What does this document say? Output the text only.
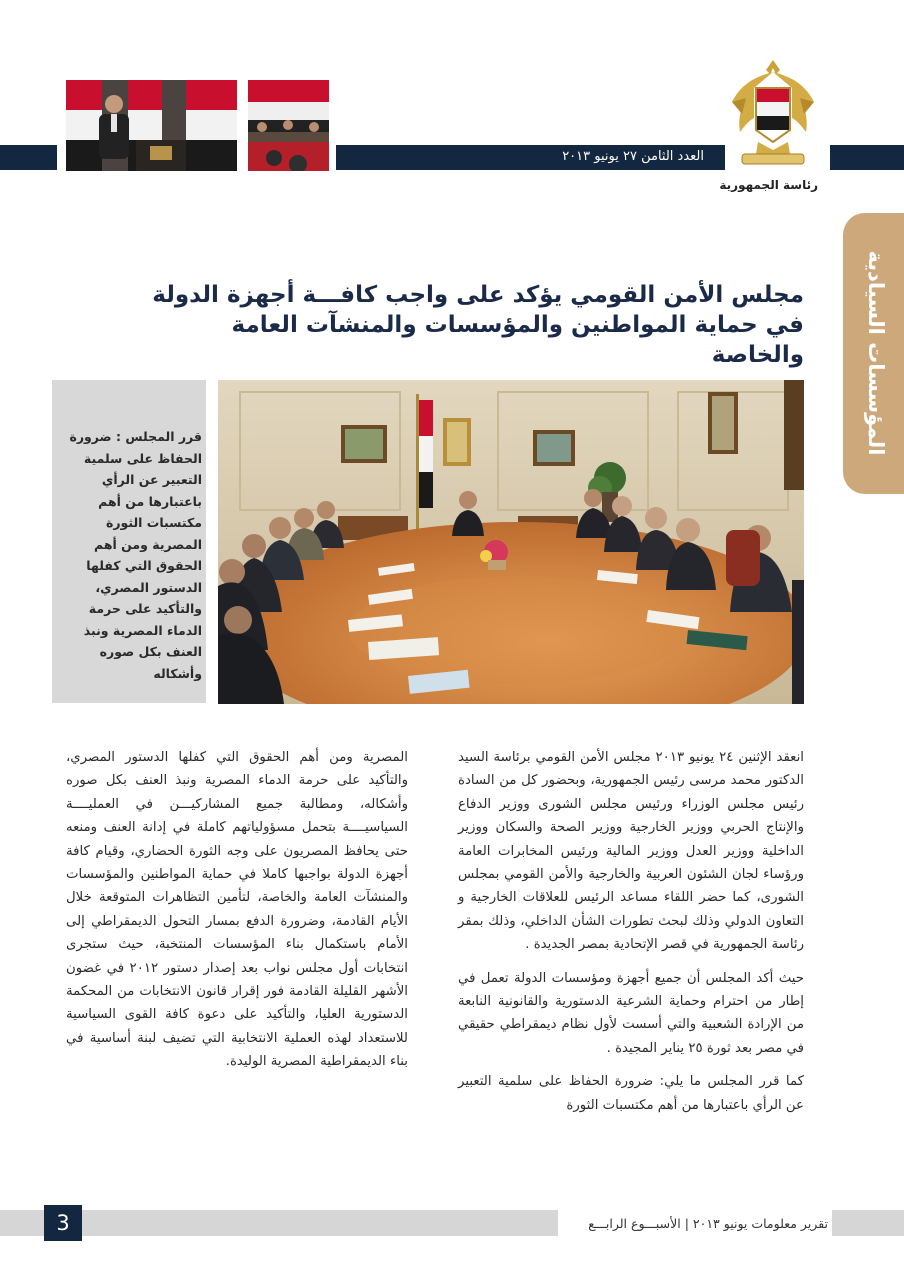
العدد الثامن ٢٧ يونيو ٢٠١٣
رئاسة الجمهورية
المؤسسات السيادية
مجلس الأمن القومي يؤكد على واجب كافـــة أجهزة الدولة
في حماية المواطنين والمؤسسات والمنشآت العامة والخاصة
قرر المجلس : ضرورة الحفاظ على سلمية التعبير عن الرأي باعتبارها من أهم مكتسبات الثورة المصرية ومن أهم الحقوق التي كفلها الدستور المصري، والتأكيد على حرمة الدماء المصرية ونبذ العنف بكل صوره وأشكاله

انعقد الإثنين ٢٤ يونيو ٢٠١٣ مجلس الأمن القومي برئاسة السيد الدكتور محمد مرسى رئيس الجمهورية، وبحضور كل من السادة رئيس مجلس الوزراء ورئيس مجلس الشورى ووزير الدفاع والإنتاج الحربي ووزير الخارجية ووزير الصحة والسكان ووزير الداخلية ووزير العدل ووزير المالية ورئيس المخابرات العامة ورؤساء لجان الشئون العربية والخارجية والأمن القومي بمجلس الشورى، كما حضر اللقاء مساعد الرئيس للعلاقات الخارجية و التعاون الدولي وذلك لبحث تطورات الشأن الداخلي، وذلك بمقر رئاسة الجمهورية في قصر الإتحادية بمصر الجديدة .

حيث أكد المجلس أن جميع أجهزة ومؤسسات الدولة تعمل في إطار من احترام وحماية الشرعية الدستورية والقانونية النابعة من الإرادة الشعبية والتي أسست لأول نظام ديمقراطي حقيقي في مصر بعد ثورة ٢٥ يناير المجيدة .

كما قرر المجلس ما يلي: ضرورة الحفاظ على سلمية التعبير عن الرأي باعتبارها من أهم مكتسبات الثورة

المصرية ومن أهم الحقوق التي كفلها الدستور المصري، والتأكيد على حرمة الدماء المصرية ونبذ العنف بكل صوره وأشكاله، ومطالبة جميع المشاركيـــن في العمليــــة السياسيــــة بتحمل مسؤولياتهم كاملة في إدانة العنف ومنعه حتى يحافظ المصريون على وجه الثورة الحضاري، وقيام كافة أجهزة الدولة بواجبها كاملا في حماية المواطنين والمؤسسات والمنشآت العامة والخاصة، لتأمين التظاهرات المتوقعة خلال الأيام القادمة، وضرورة الدفع بمسار التحول الديمقراطي إلى الأمام باستكمال بناء المؤسسات المنتخبة، حيث ستجرى انتخابات أول مجلس نواب بعد إصدار دستور ٢٠١٢ في غضون الأشهر القليلة القادمة فور إقرار قانون الانتخابات من المحكمة الدستورية العليا، والتأكيد على دعوة كافة القوى السياسية للاستعداد لهذه العملية الانتخابية التي تضيف لبنة أساسية في بناء الديمقراطية المصرية الوليدة.

3	تقرير معلومات يونيو ٢٠١٣ | الأسبـــوع الرابـــع
